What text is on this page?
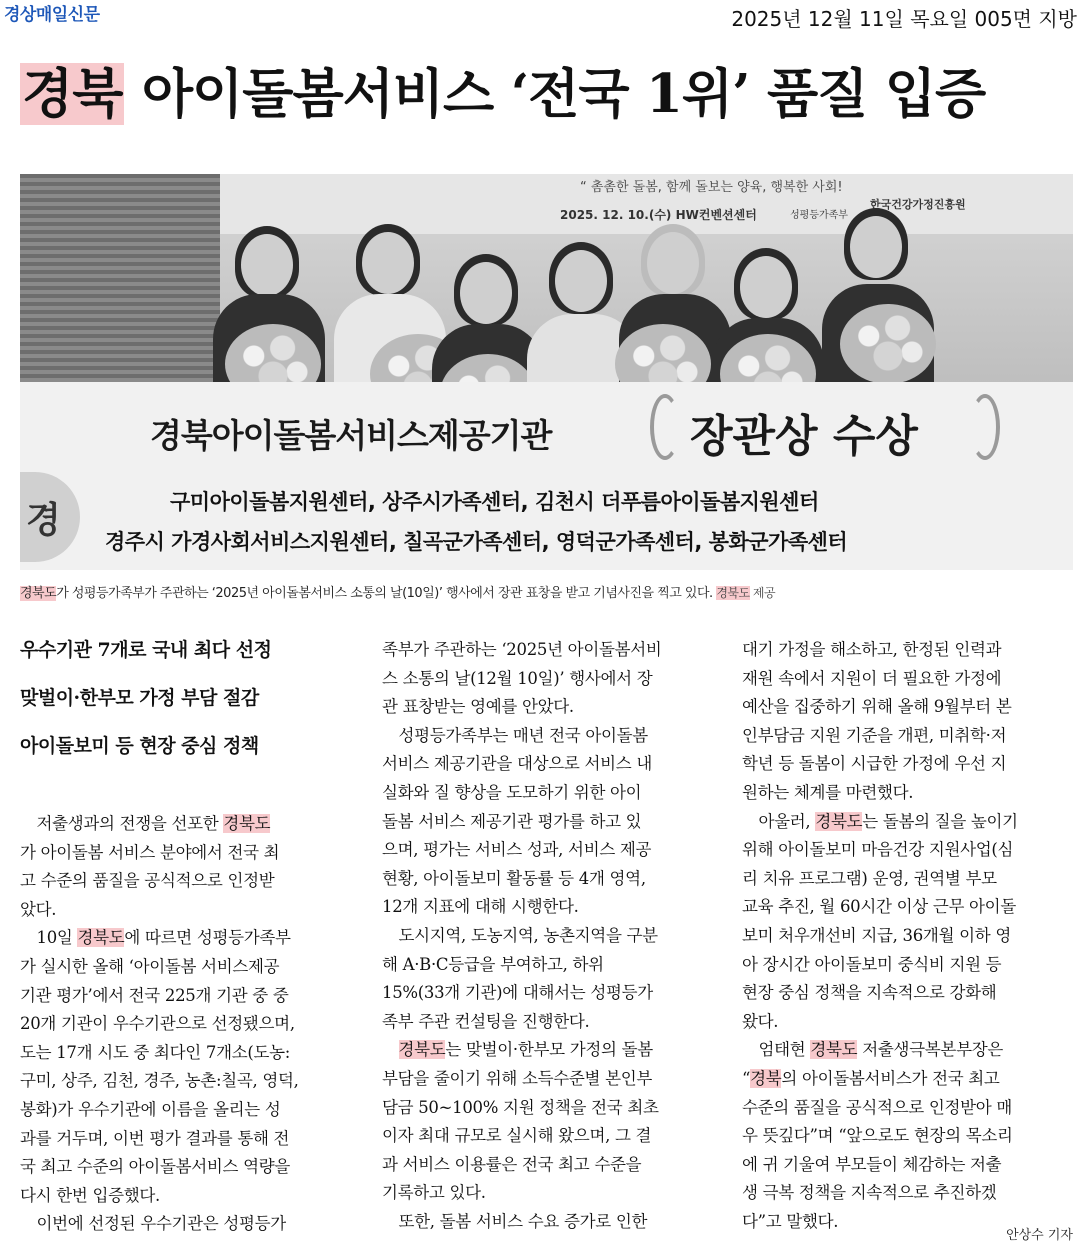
경상매일신문	2025년 12월 11일 목요일 005면 지방
경북 아이돌봄서비스 ‘전국 1위’ 품질 입증
“ 촘촘한 돌봄, 함께 돌보는 양육, 행복한 사회!
2025. 12. 10.(수) HW컨벤션센터	성평등가족부
한국건강가정진흥원
경
경북아이돌봄서비스제공기관	장관상 수상
구미아이돌봄지원센터, 상주시가족센터, 김천시 더푸름아이돌봄지원센터
경주시 가경사회서비스지원센터, 칠곡군가족센터, 영덕군가족센터, 봉화군가족센터

경북도가 성평등가족부가 주관하는 ‘2025년 아이돌봄서비스 소통의 날(10일)’ 행사에서 장관 표창을 받고 기념사진을 찍고 있다. 경북도 제공

우수기관 7개로 국내 최다 선정

맞벌이·한부모 가정 부담 절감

아이돌보미 등 현장 중심 정책

저출생과의 전쟁을 선포한 경북도

가 아이돌봄 서비스 분야에서 전국 최

고 수준의 품질을 공식적으로 인정받

았다.

10일 경북도에 따르면 성평등가족부

가 실시한 올해 ‘아이돌봄 서비스제공

기관 평가’에서 전국 225개 기관 중 중

20개 기관이 우수기관으로 선정됐으며,

도는 17개 시도 중 최다인 7개소(도농:

구미, 상주, 김천, 경주, 농촌:칠곡, 영덕,

봉화)가 우수기관에 이름을 올리는 성

과를 거두며, 이번 평가 결과를 통해 전

국 최고 수준의 아이돌봄서비스 역량을

다시 한번 입증했다.

이번에 선정된 우수기관은 성평등가

족부가 주관하는 ‘2025년 아이돌봄서비

스 소통의 날(12월 10일)’ 행사에서 장

관 표창받는 영예를 안았다.

성평등가족부는 매년 전국 아이돌봄

서비스 제공기관을 대상으로 서비스 내

실화와 질 향상을 도모하기 위한 아이

돌봄 서비스 제공기관 평가를 하고 있

으며, 평가는 서비스 성과, 서비스 제공

현황, 아이돌보미 활동률 등 4개 영역,

12개 지표에 대해 시행한다.

도시지역, 도농지역, 농촌지역을 구분

해 A·B·C등급을 부여하고, 하위

15%(33개 기관)에 대해서는 성평등가

족부 주관 컨설팅을 진행한다.

경북도는 맞벌이·한부모 가정의 돌봄

부담을 줄이기 위해 소득수준별 본인부

담금 50~100% 지원 정책을 전국 최초

이자 최대 규모로 실시해 왔으며, 그 결

과 서비스 이용률은 전국 최고 수준을

기록하고 있다.

또한, 돌봄 서비스 수요 증가로 인한

대기 가정을 해소하고, 한정된 인력과

재원 속에서 지원이 더 필요한 가정에

예산을 집중하기 위해 올해 9월부터 본

인부담금 지원 기준을 개편, 미취학·저

학년 등 돌봄이 시급한 가정에 우선 지

원하는 체계를 마련했다.

아울러, 경북도는 돌봄의 질을 높이기

위해 아이돌보미 마음건강 지원사업(심

리 치유 프로그램) 운영, 권역별 부모

교육 추진, 월 60시간 이상 근무 아이돌

보미 처우개선비 지급, 36개월 이하 영

아 장시간 아이돌보미 중식비 지원 등

현장 중심 정책을 지속적으로 강화해

왔다.

엄태현 경북도 저출생극복본부장은

“경북의 아이돌봄서비스가 전국 최고

수준의 품질을 공식적으로 인정받아 매

우 뜻깊다”며 “앞으로도 현장의 목소리

에 귀 기울여 부모들이 체감하는 저출

생 극복 정책을 지속적으로 추진하겠

다”고 말했다.

안상수 기자
